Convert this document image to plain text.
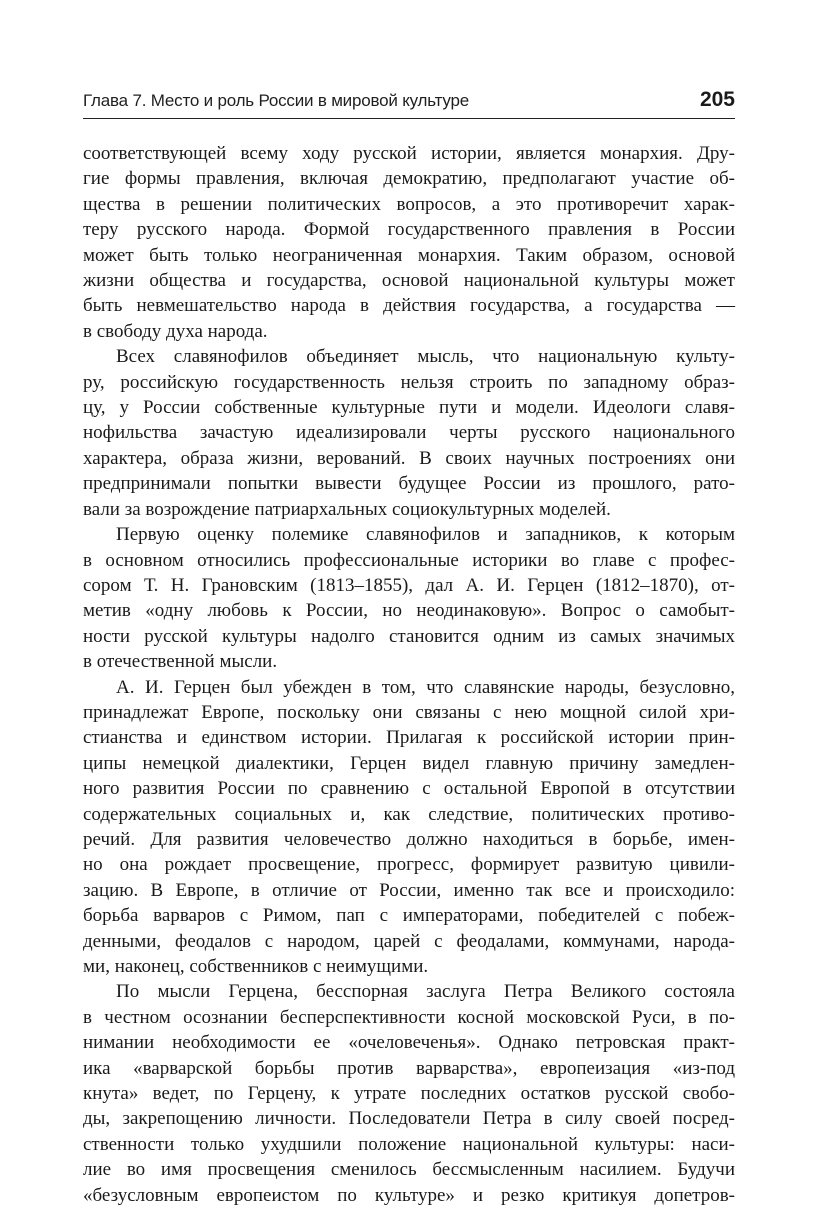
Глава 7. Место и роль России в мировой культуре	205

соответствующей всему ходу русской истории, является монархия. Дру-
гие формы правления, включая демократию, предполагают участие об-
щества в решении политических вопросов, а это противоречит харак-
теру русского народа. Формой государственного правления в России
может быть только неограниченная монархия. Таким образом, основой
жизни общества и государства, основой национальной культуры может
быть невмешательство народа в действия государства, а государства —
в свободу духа народа.

Всех славянофилов объединяет мысль, что национальную культу-
ру, российскую государственность нельзя строить по западному образ-
цу, у России собственные культурные пути и модели. Идеологи славя-
нофильства зачастую идеализировали черты русского национального
характера, образа жизни, верований. В своих научных построениях они
предпринимали попытки вывести будущее России из прошлого, рато-
вали за возрождение патриархальных социокультурных моделей.

Первую оценку полемике славянофилов и западников, к которым
в основном относились профессиональные историки во главе с профес-
сором Т. Н. Грановским (1813–1855), дал А. И. Герцен (1812–1870), от-
метив «одну любовь к России, но неодинаковую». Вопрос о самобыт-
ности русской культуры надолго становится одним из самых значимых
в отечественной мысли.

А. И. Герцен был убежден в том, что славянские народы, безусловно,
принадлежат Европе, поскольку они связаны с нею мощной силой хри-
стианства и единством истории. Прилагая к российской истории прин-
ципы немецкой диалектики, Герцен видел главную причину замедлен-
ного развития России по сравнению с остальной Европой в отсутствии
содержательных социальных и, как следствие, политических противо-
речий. Для развития человечество должно находиться в борьбе, имен-
но она рождает просвещение, прогресс, формирует развитую цивили-
зацию. В Европе, в отличие от России, именно так все и происходило:
борьба варваров с Римом, пап с императорами, победителей с побеж-
денными, феодалов с народом, царей с феодалами, коммунами, народа-
ми, наконец, собственников с неимущими.

По мысли Герцена, бесспорная заслуга Петра Великого состояла
в честном осознании бесперспективности косной московской Руси, в по-
нимании необходимости ее «очеловеченья». Однако петровская практ-
ика «варварской борьбы против варварства», европеизация «из-под
кнута» ведет, по Герцену, к утрате последних остатков русской свобо-
ды, закрепощению личности. Последователи Петра в силу своей посред-
ственности только ухудшили положение национальной культуры: наси-
лие во имя просвещения сменилось бессмысленным насилием. Будучи
«безусловным европеистом по культуре» и резко критикуя допетров-
